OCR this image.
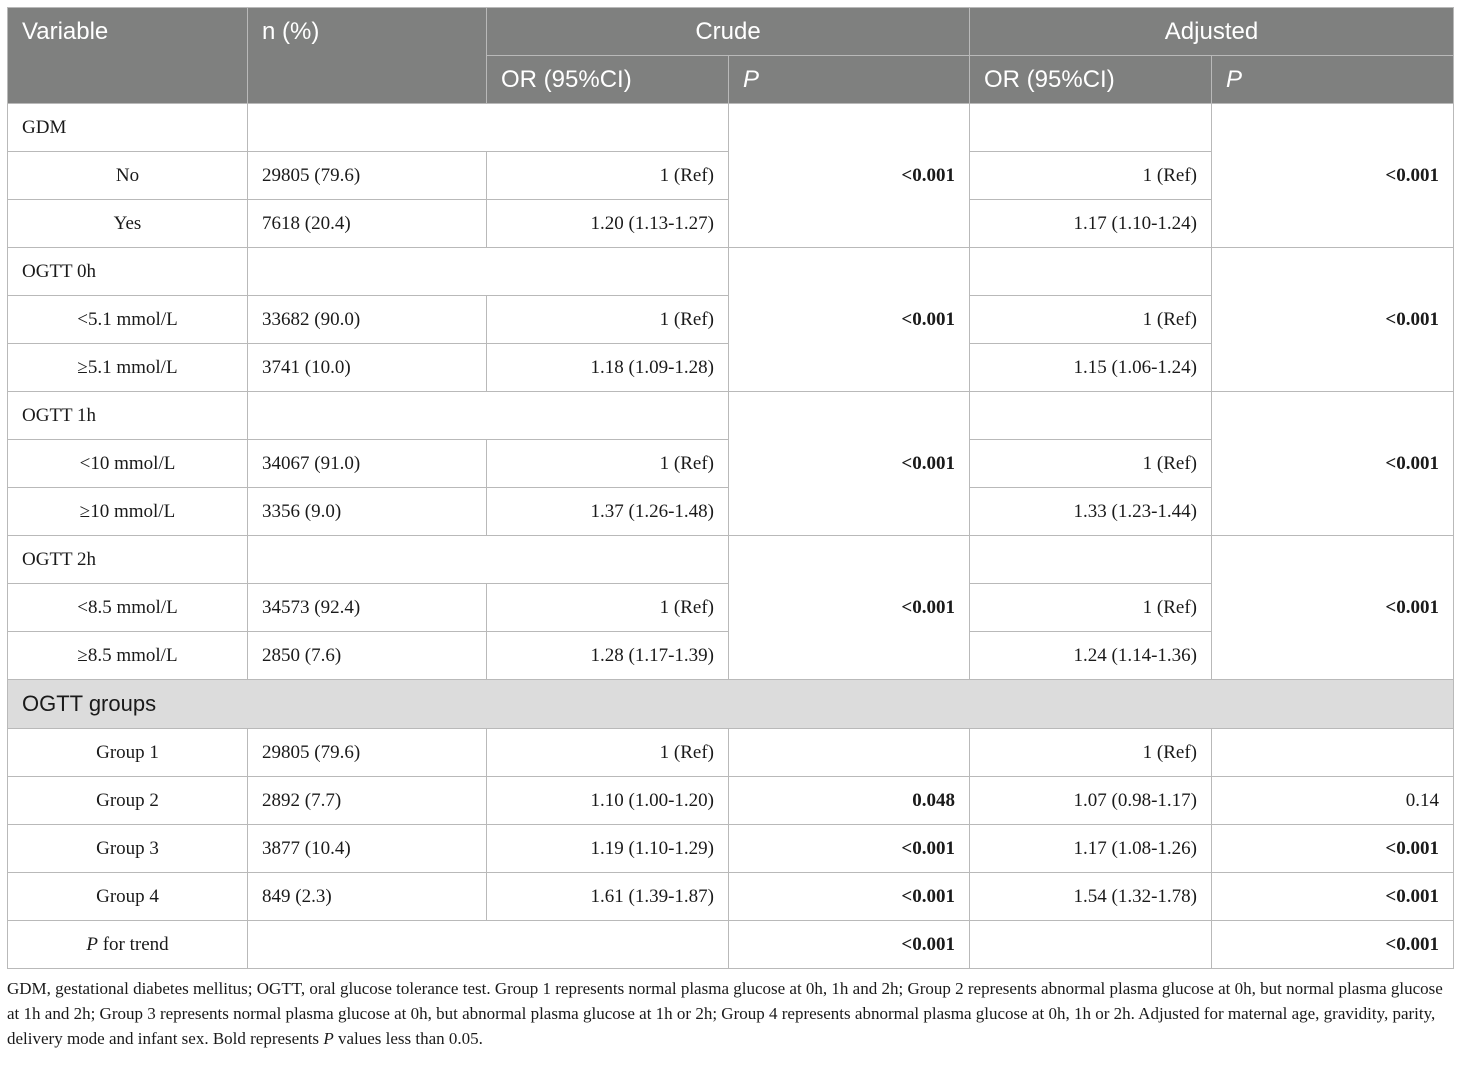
Variable	n (%)	Crude		Adjusted	
		OR (95%CI)	P	OR (95%CI)	P
GDM			<0.001		<0.001
No	29805 (79.6)	1 (Ref)		1 (Ref)	
Yes	7618 (20.4)	1.20 (1.13-1.27)		1.17 (1.10-1.24)	
OGTT 0h			<0.001		<0.001
<5.1 mmol/L	33682 (90.0)	1 (Ref)		1 (Ref)	
≥5.1 mmol/L	3741 (10.0)	1.18 (1.09-1.28)		1.15 (1.06-1.24)	
OGTT 1h			<0.001		<0.001
<10 mmol/L	34067 (91.0)	1 (Ref)		1 (Ref)	
≥10 mmol/L	3356 (9.0)	1.37 (1.26-1.48)		1.33 (1.23-1.44)	
OGTT 2h			<0.001		<0.001
<8.5 mmol/L	34573 (92.4)	1 (Ref)		1 (Ref)	
≥8.5 mmol/L	2850 (7.6)	1.28 (1.17-1.39)		1.24 (1.14-1.36)	
OGTT groups					
Group 1	29805 (79.6)	1 (Ref)		1 (Ref)	
Group 2	2892 (7.7)	1.10 (1.00-1.20)	0.048	1.07 (0.98-1.17)	0.14
Group 3	3877 (10.4)	1.19 (1.10-1.29)	<0.001	1.17 (1.08-1.26)	<0.001
Group 4	849 (2.3)	1.61 (1.39-1.87)	<0.001	1.54 (1.32-1.78)	<0.001
P for trend			<0.001		<0.001
GDM, gestational diabetes mellitus; OGTT, oral glucose tolerance test. Group 1 represents normal plasma glucose at 0h, 1h and 2h; Group 2 represents abnormal plasma glucose at 0h, but normal plasma glucose at 1h and 2h; Group 3 represents normal plasma glucose at 0h, but abnormal plasma glucose at 1h or 2h; Group 4 represents abnormal plasma glucose at 0h, 1h or 2h. Adjusted for maternal age, gravidity, parity, delivery mode and infant sex. Bold represents P values less than 0.05.
